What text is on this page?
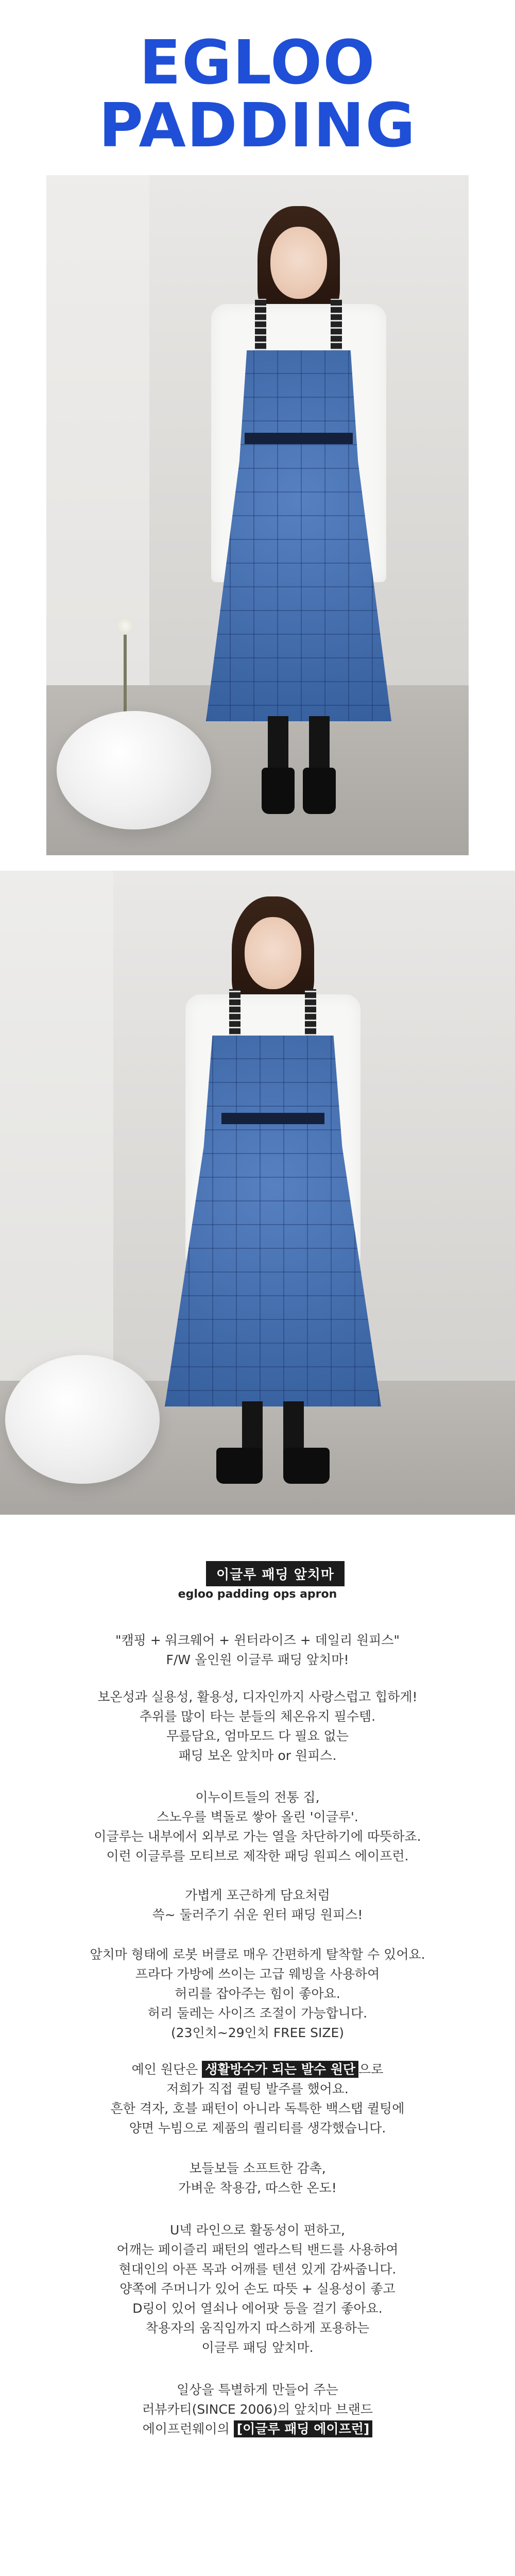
EGLOO
PADDING
이글루 패딩 앞치마
egloo padding ops apron
"캠핑 + 워크웨어 + 윈터라이즈 + 데일리 원피스"
F/W 올인원 이글루 패딩 앞치마!
보온성과 실용성, 활용성, 디자인까지 사랑스럽고 힙하게!
추위를 많이 타는 분들의 체온유지 필수템.
무릎담요, 엄마모드 다 필요 없는
패딩 보온 앞치마 or 원피스.
이누이트들의 전통 집,
스노우를 벽돌로 쌓아 올린 '이글루'.
이글루는 내부에서 외부로 가는 열을 차단하기에 따뜻하죠.
이런 이글루를 모티브로 제작한 패딩 원피스 에이프런.
가볍게 포근하게 담요처럼
쓱~ 둘러주기 쉬운 윈터 패딩 원피스!
앞치마 형태에 로봇 버클로 매우 간편하게 탈착할 수 있어요.
프라다 가방에 쓰이는 고급 웨빙을 사용하여
허리를 잡아주는 힘이 좋아요.
허리 둘레는 사이즈 조절이 가능합니다.
(23인치~29인치 FREE SIZE)
예인 원단은 생활방수가 되는 발수 원단 으로
저희가 직접 퀼팅 발주를 했어요.
흔한 격자, 호블 패턴이 아니라 독특한 백스탭 퀼팅에
양면 누빔으로 제품의 퀄리티를 생각했습니다.
보들보들 소프트한 감촉,
가벼운 착용감, 따스한 온도!
U넥 라인으로 활동성이 편하고,
어깨는 페이즐리 패턴의 엘라스틱 밴드를 사용하여
현대인의 아픈 목과 어깨를 텐션 있게 감싸줍니다.
양쪽에 주머니가 있어 손도 따뜻 + 실용성이 좋고
D링이 있어 열쇠나 에어팟 등을 걸기 좋아요.
착용자의 움직임까지 따스하게 포용하는
이글루 패딩 앞치마.
일상을 특별하게 만들어 주는
러뷰카티(SINCE 2006)의 앞치마 브랜드
에이프런웨이의 [이글루 패딩 에이프런]
